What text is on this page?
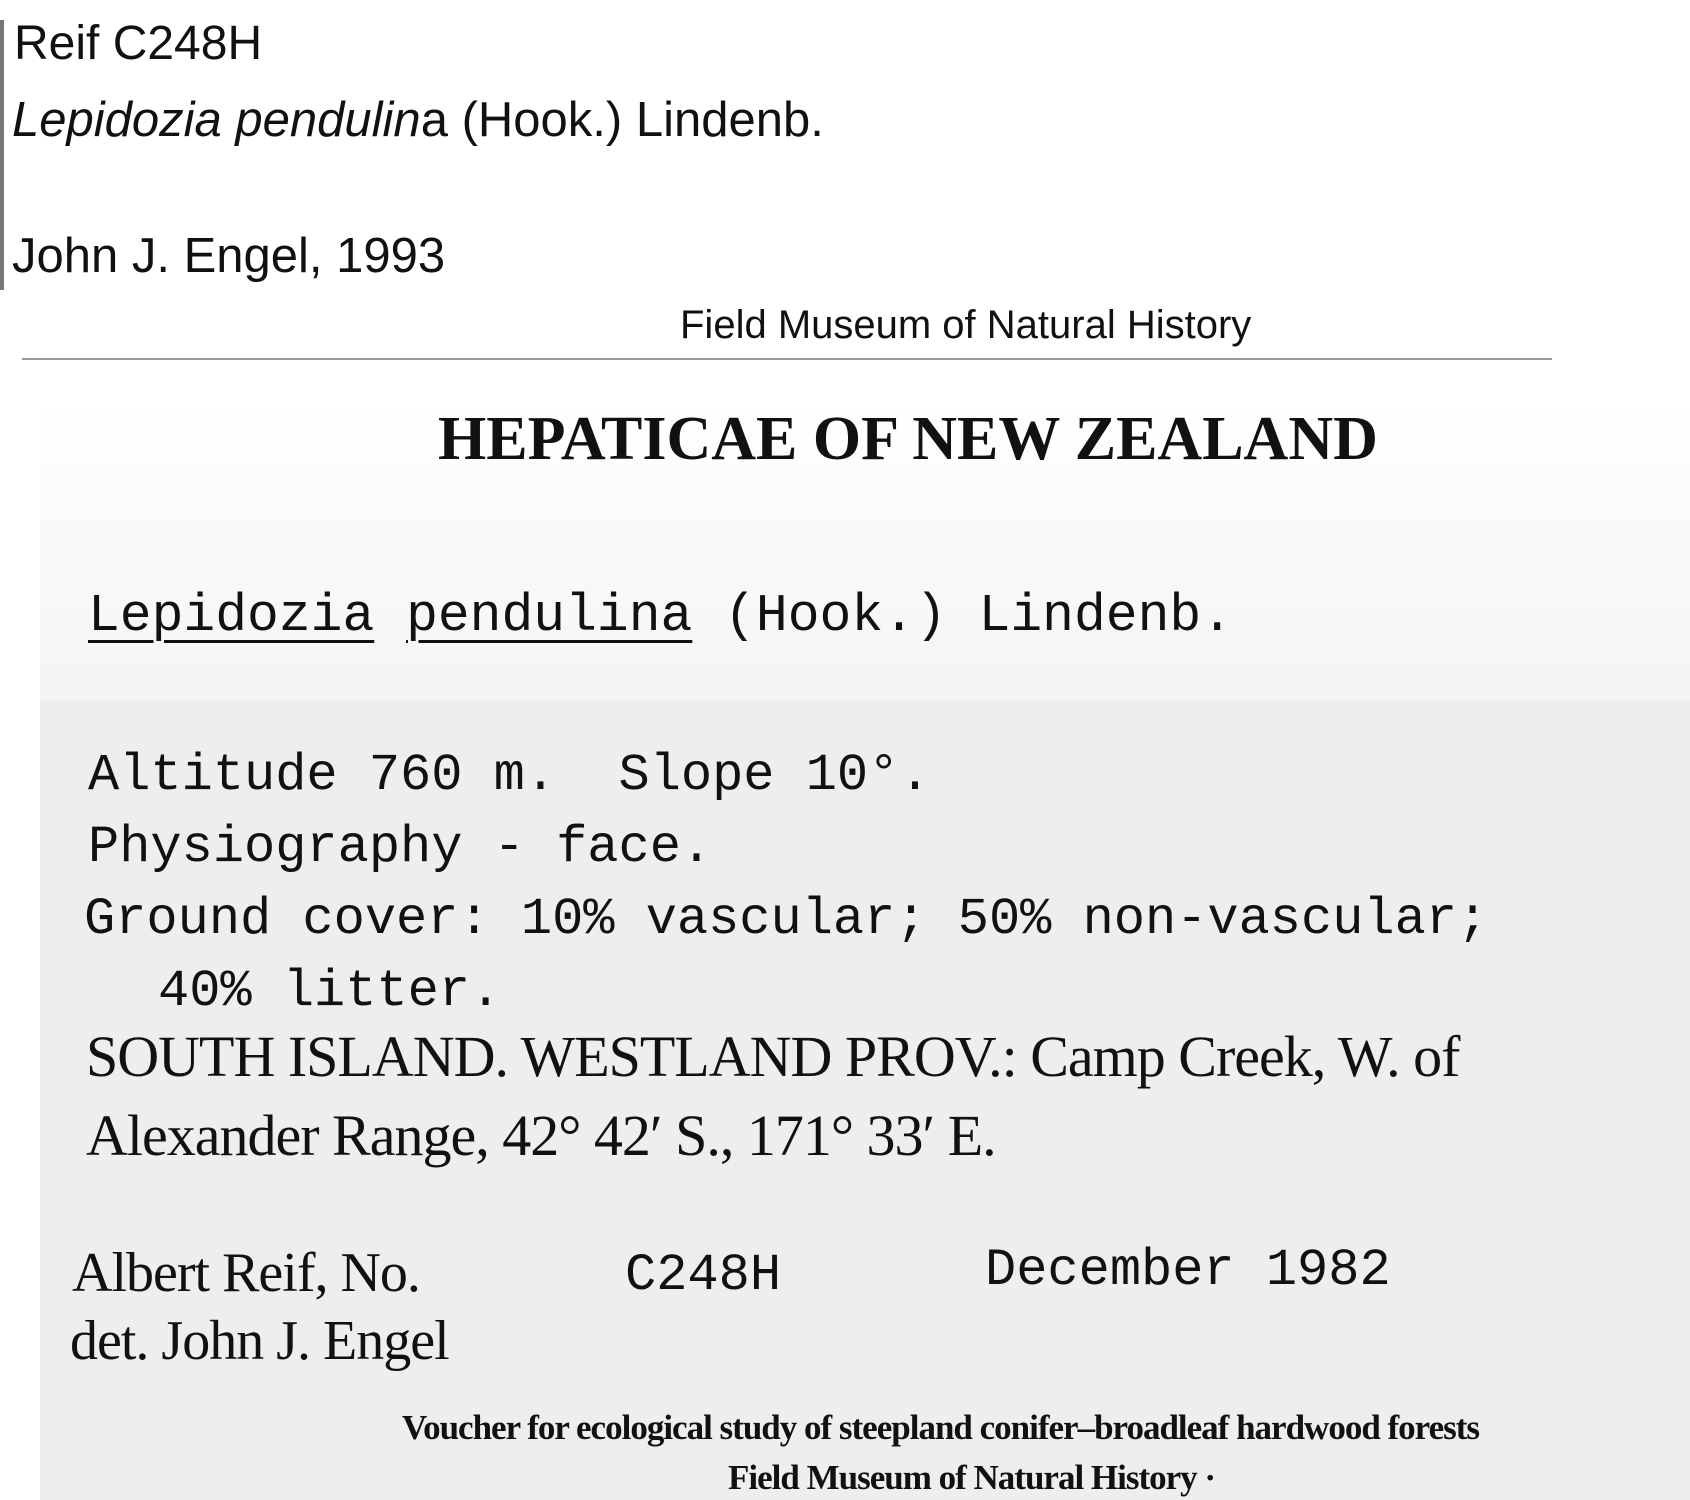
Reif C248H

Lepidozia pendulina (Hook.) Lindenb.

John J. Engel, 1993

Field Museum of Natural History

HEPATICAE OF NEW ZEALAND

Lepidozia pendulina (Hook.) Lindenb.

Altitude 760 m.  Slope 10°.

Physiography - face.

Ground cover: 10% vascular; 50% non-vascular;

40% litter.

SOUTH ISLAND. WESTLAND PROV.: Camp Creek, W. of

Alexander Range, 42° 42′ S., 171° 33′ E.

Albert Reif, No.	C248H	December 1982

det. John J. Engel

Voucher for ecological study of steepland conifer–broadleaf hardwood forests

Field Museum of Natural History ·
